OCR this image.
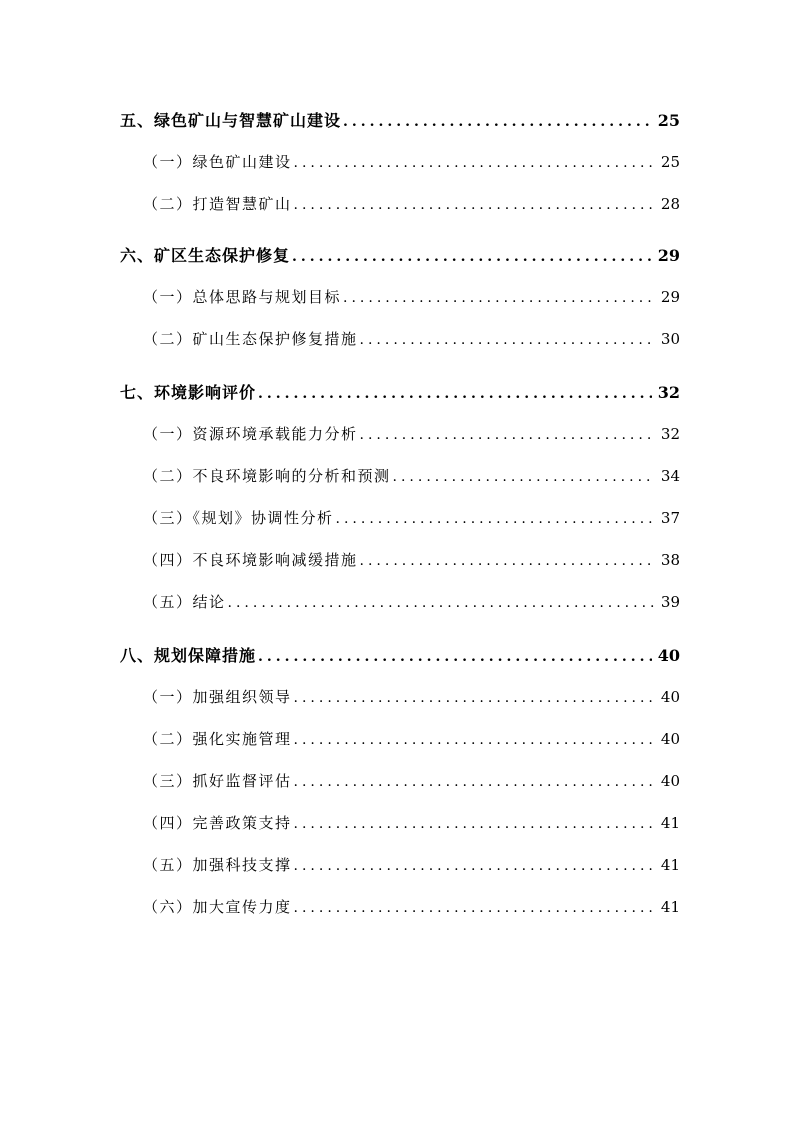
五、绿色矿山与智慧矿山建设 .....	25
（一）绿色矿山建设 .....	25
（二）打造智慧矿山 .....	28
六、矿区生态保护修复 .....	29
（一）总体思路与规划目标 .....	29
（二）矿山生态保护修复措施 .....	30
七、环境影响评价 .....	32
（一）资源环境承载能力分析 .....	32
（二）不良环境影响的分析和预测 .....	34
（三）《规划》协调性分析 .....	37
（四）不良环境影响减缓措施 .....	38
（五）结论 .....	39
八、规划保障措施 .....	40
（一）加强组织领导 .....	40
（二）强化实施管理 .....	40
（三）抓好监督评估 .....	40
（四）完善政策支持 .....	41
（五）加强科技支撑 .....	41
（六）加大宣传力度 .....	41
